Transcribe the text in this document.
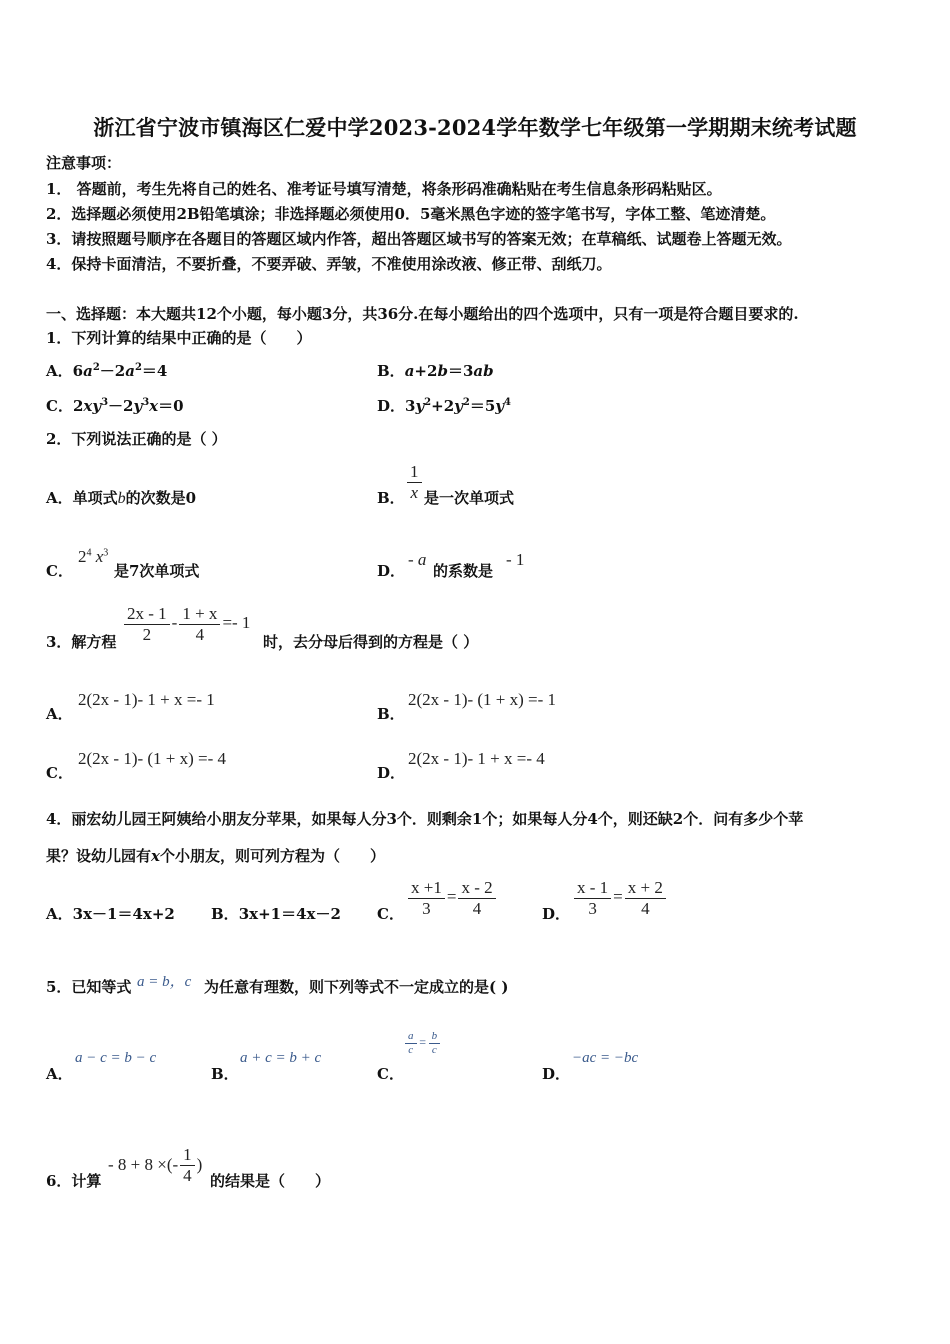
浙江省宁波市镇海区仁爱中学2023-2024学年数学七年级第一学期期末统考试题
注意事项：
1． 答题前，考生先将自己的姓名、准考证号填写清楚，将条形码准确粘贴在考生信息条形码粘贴区。
2．选择题必须使用2B铅笔填涂；非选择题必须使用0．5毫米黑色字迹的签字笔书写，字体工整、笔迹清楚。
3．请按照题号顺序在各题目的答题区域内作答，超出答题区域书写的答案无效；在草稿纸、试题卷上答题无效。
4．保持卡面清洁，不要折叠，不要弄破、弄皱，不准使用涂改液、修正带、刮纸刀。
一、选择题：本大题共12个小题，每小题3分，共36分.在每小题给出的四个选项中，只有一项是符合题目要求的.
1．下列计算的结果中正确的是（　　）
A．$6a^2-2a^2=4$	B．a+2b＝3ab
C．$2xy^3-2y^3x=0$	D．$3y^2+2y^2=5y^4$
2．下列说法正确的是（ ）
A．单项式b的次数是0	B． $\frac{1}{x}$ 是一次单项式
C．
$2^4$ $x^3$
是7次单项式	D．
- a
的系数是
- 1
3．解方程 $\frac{2x - 1}{2} - \frac{1 + x}{4} =- 1$
时，去分母后得到的方程是（ ）
A．
2(2x - 1)- 1 + x =- 1
B．
2(2x - 1)- (1 + x) =- 1
C．
2(2x - 1)- (1 + x) =- 4
D．
2(2x - 1)- 1 + x =- 4
4．丽宏幼儿园王阿姨给小朋友分苹果，如果每人分3个．则剩余1个；如果每人分4个，则还缺2个．问有多少个苹
果？设幼儿园有x个小朋友，则可列方程为（　　）
A．3x－1＝4x+2 B．3x+1＝4x－2 C． $\frac{x +1}{3} = \frac{x - 2}{4}$	D． $\frac{x - 1}{3} = \frac{x + 2}{4}$
5．已知等式 a = b，c 为任意有理数，则下列等式不一定成立的是( )
A．
a − c = b − c
B．
a + c = b + c
C．
$\frac{a}{c} = \frac{b}{c}$
D．
−ac = −bc
6．计算
- 8 + 8 ×(- $\frac{1}{4}$ )
的结果是（　　）
